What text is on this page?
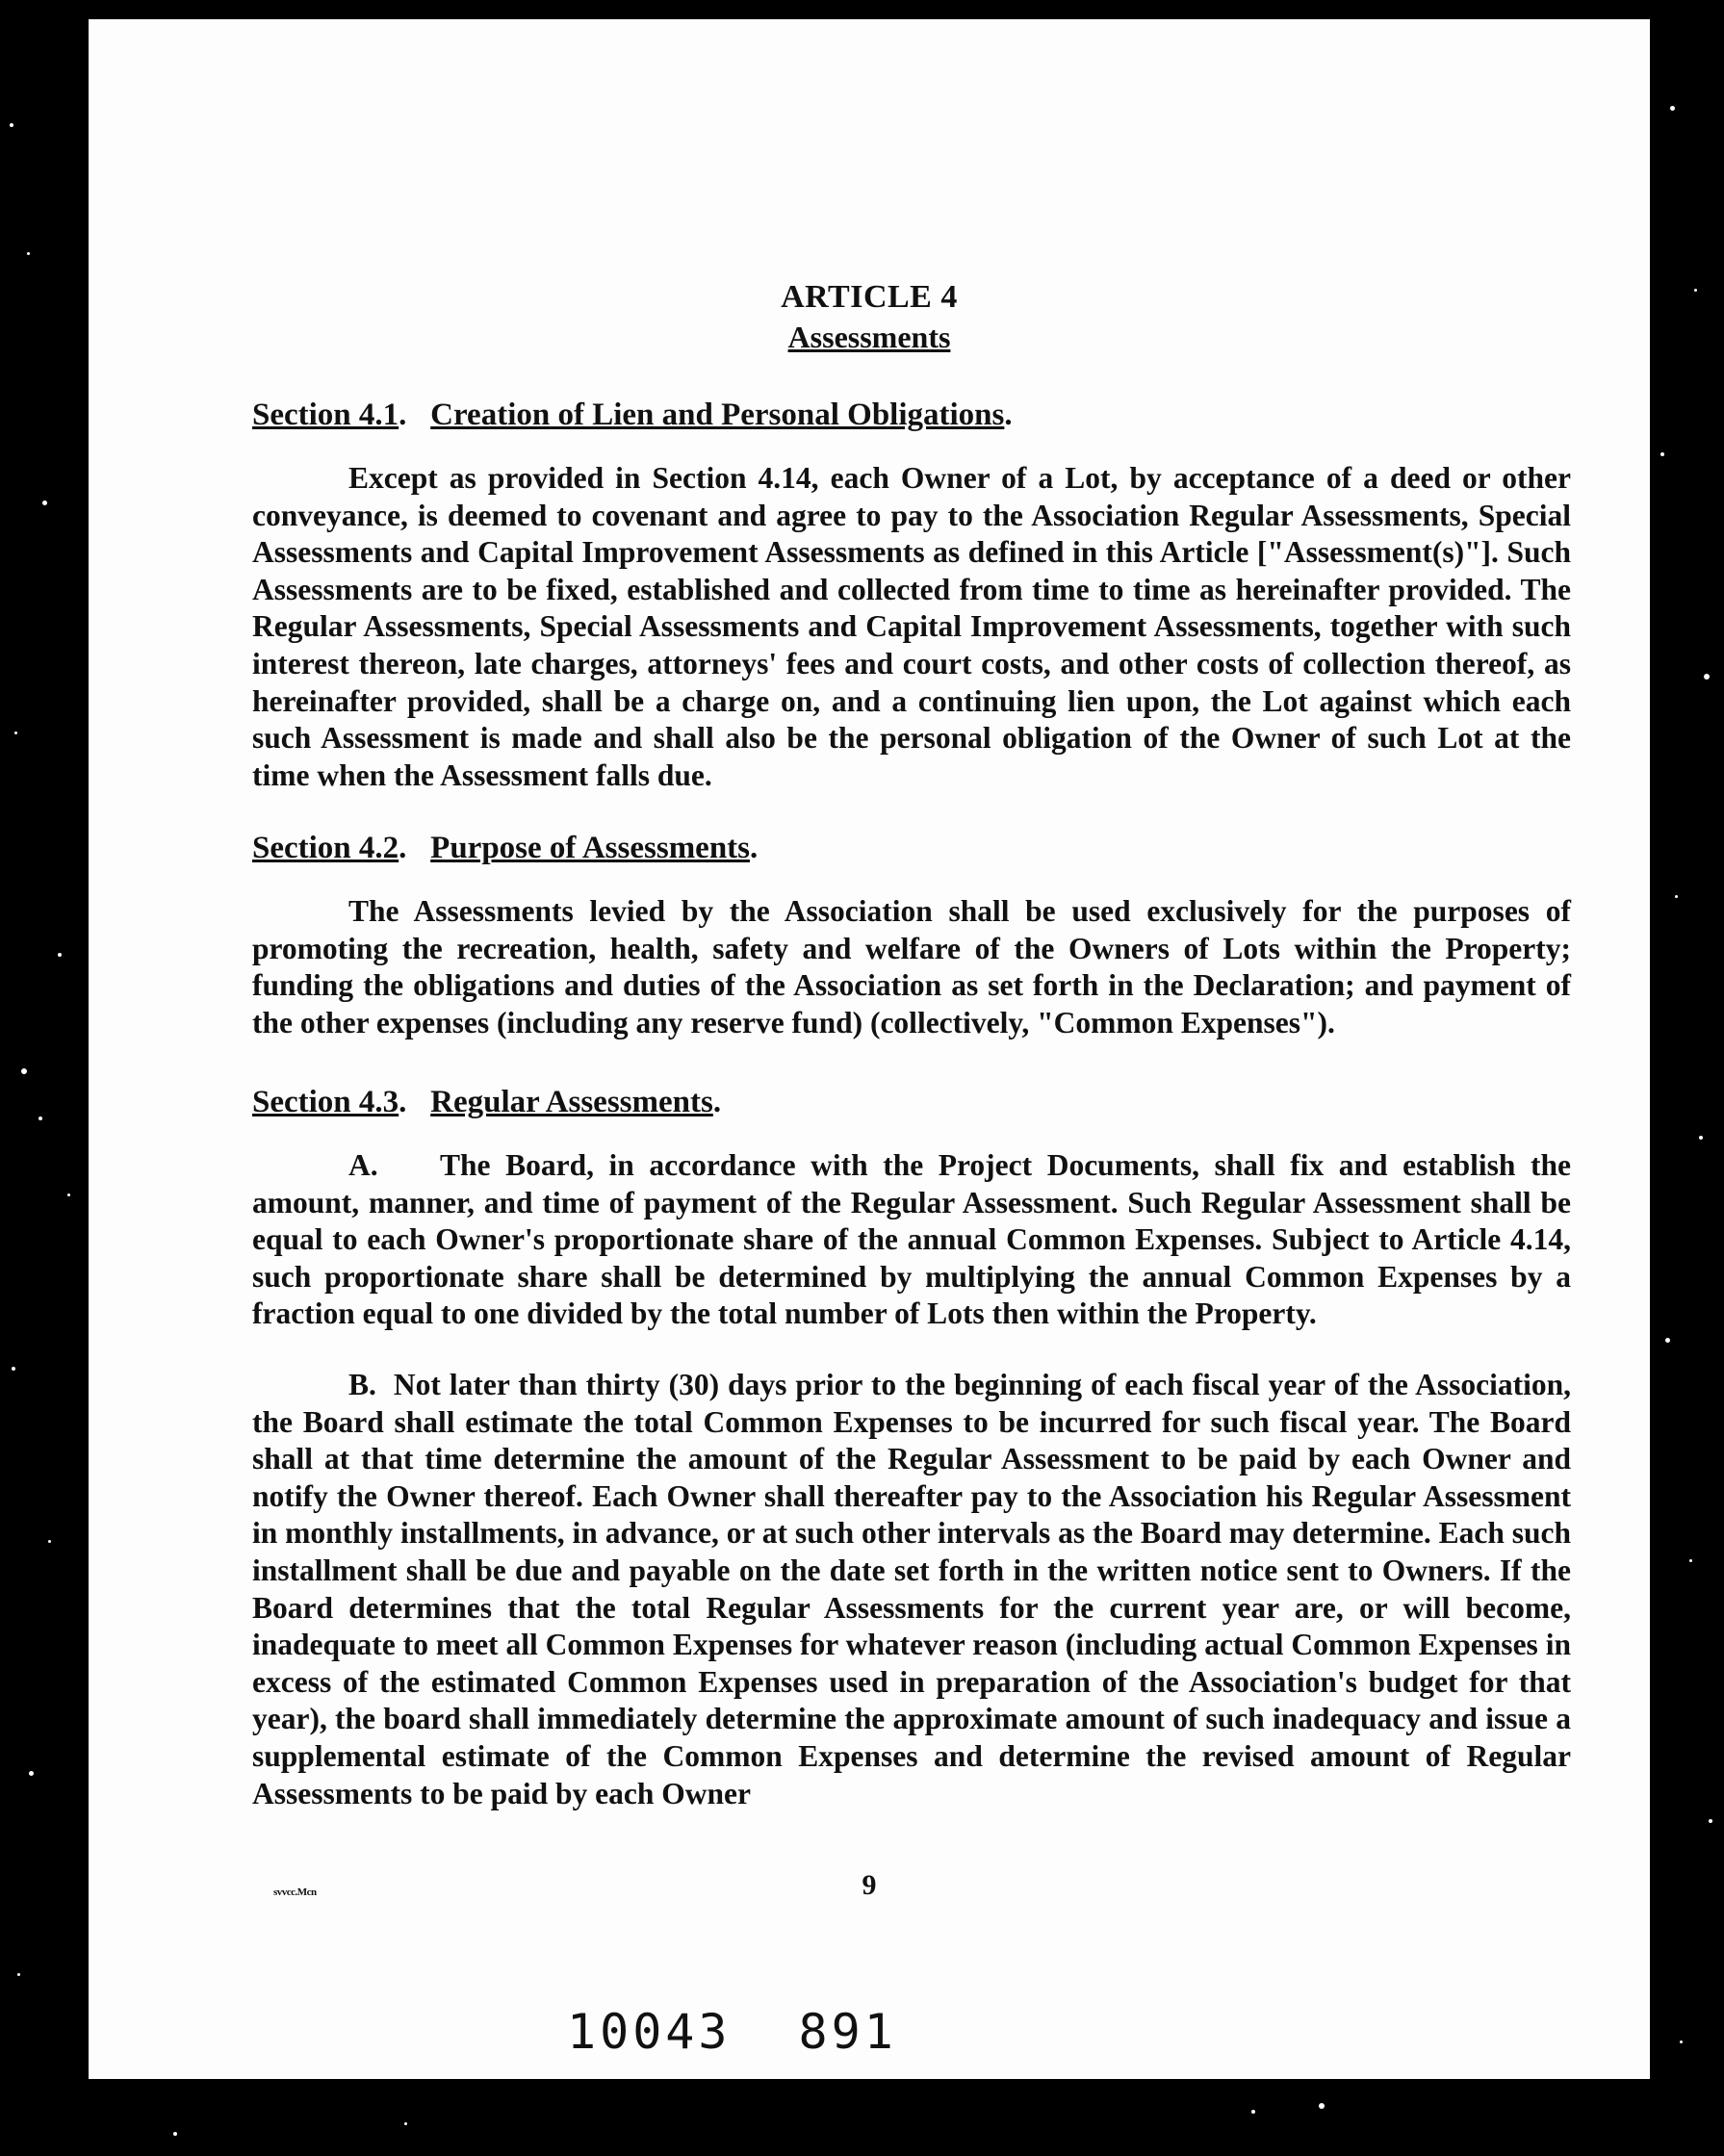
ARTICLE 4
Assessments
Section 4.1.   Creation of Lien and Personal Obligations.
Except as provided in Section 4.14, each Owner of a Lot, by acceptance of a deed or other conveyance, is deemed to covenant and agree to pay to the Association Regular Assessments, Special Assessments and Capital Improvement Assessments as defined in this Article ["Assessment(s)"]. Such Assessments are to be fixed, established and collected from time to time as hereinafter provided. The Regular Assessments, Special Assessments and Capital Improvement Assessments, together with such interest thereon, late charges, attorneys' fees and court costs, and other costs of collection thereof, as hereinafter provided, shall be a charge on, and a continuing lien upon, the Lot against which each such Assessment is made and shall also be the personal obligation of the Owner of such Lot at the time when the Assessment falls due.
Section 4.2.   Purpose of Assessments.
The Assessments levied by the Association shall be used exclusively for the purposes of promoting the recreation, health, safety and welfare of the Owners of Lots within the Property; funding the obligations and duties of the Association as set forth in the Declaration; and payment of the other expenses (including any reserve fund) (collectively, "Common Expenses").
Section 4.3.   Regular Assessments.
A. The Board, in accordance with the Project Documents, shall fix and establish the amount, manner, and time of payment of the Regular Assessment. Such Regular Assessment shall be equal to each Owner's proportionate share of the annual Common Expenses. Subject to Article 4.14, such proportionate share shall be determined by multiplying the annual Common Expenses by a fraction equal to one divided by the total number of Lots then within the Property.
B. Not later than thirty (30) days prior to the beginning of each fiscal year of the Association, the Board shall estimate the total Common Expenses to be incurred for such fiscal year. The Board shall at that time determine the amount of the Regular Assessment to be paid by each Owner and notify the Owner thereof. Each Owner shall thereafter pay to the Association his Regular Assessment in monthly installments, in advance, or at such other intervals as the Board may determine. Each such installment shall be due and payable on the date set forth in the written notice sent to Owners. If the Board determines that the total Regular Assessments for the current year are, or will become, inadequate to meet all Common Expenses for whatever reason (including actual Common Expenses in excess of the estimated Common Expenses used in preparation of the Association's budget for that year), the board shall immediately determine the approximate amount of such inadequacy and issue a supplemental estimate of the Common Expenses and determine the revised amount of Regular Assessments to be paid by each Owner
9
svvcc.Mcn
10043 891
